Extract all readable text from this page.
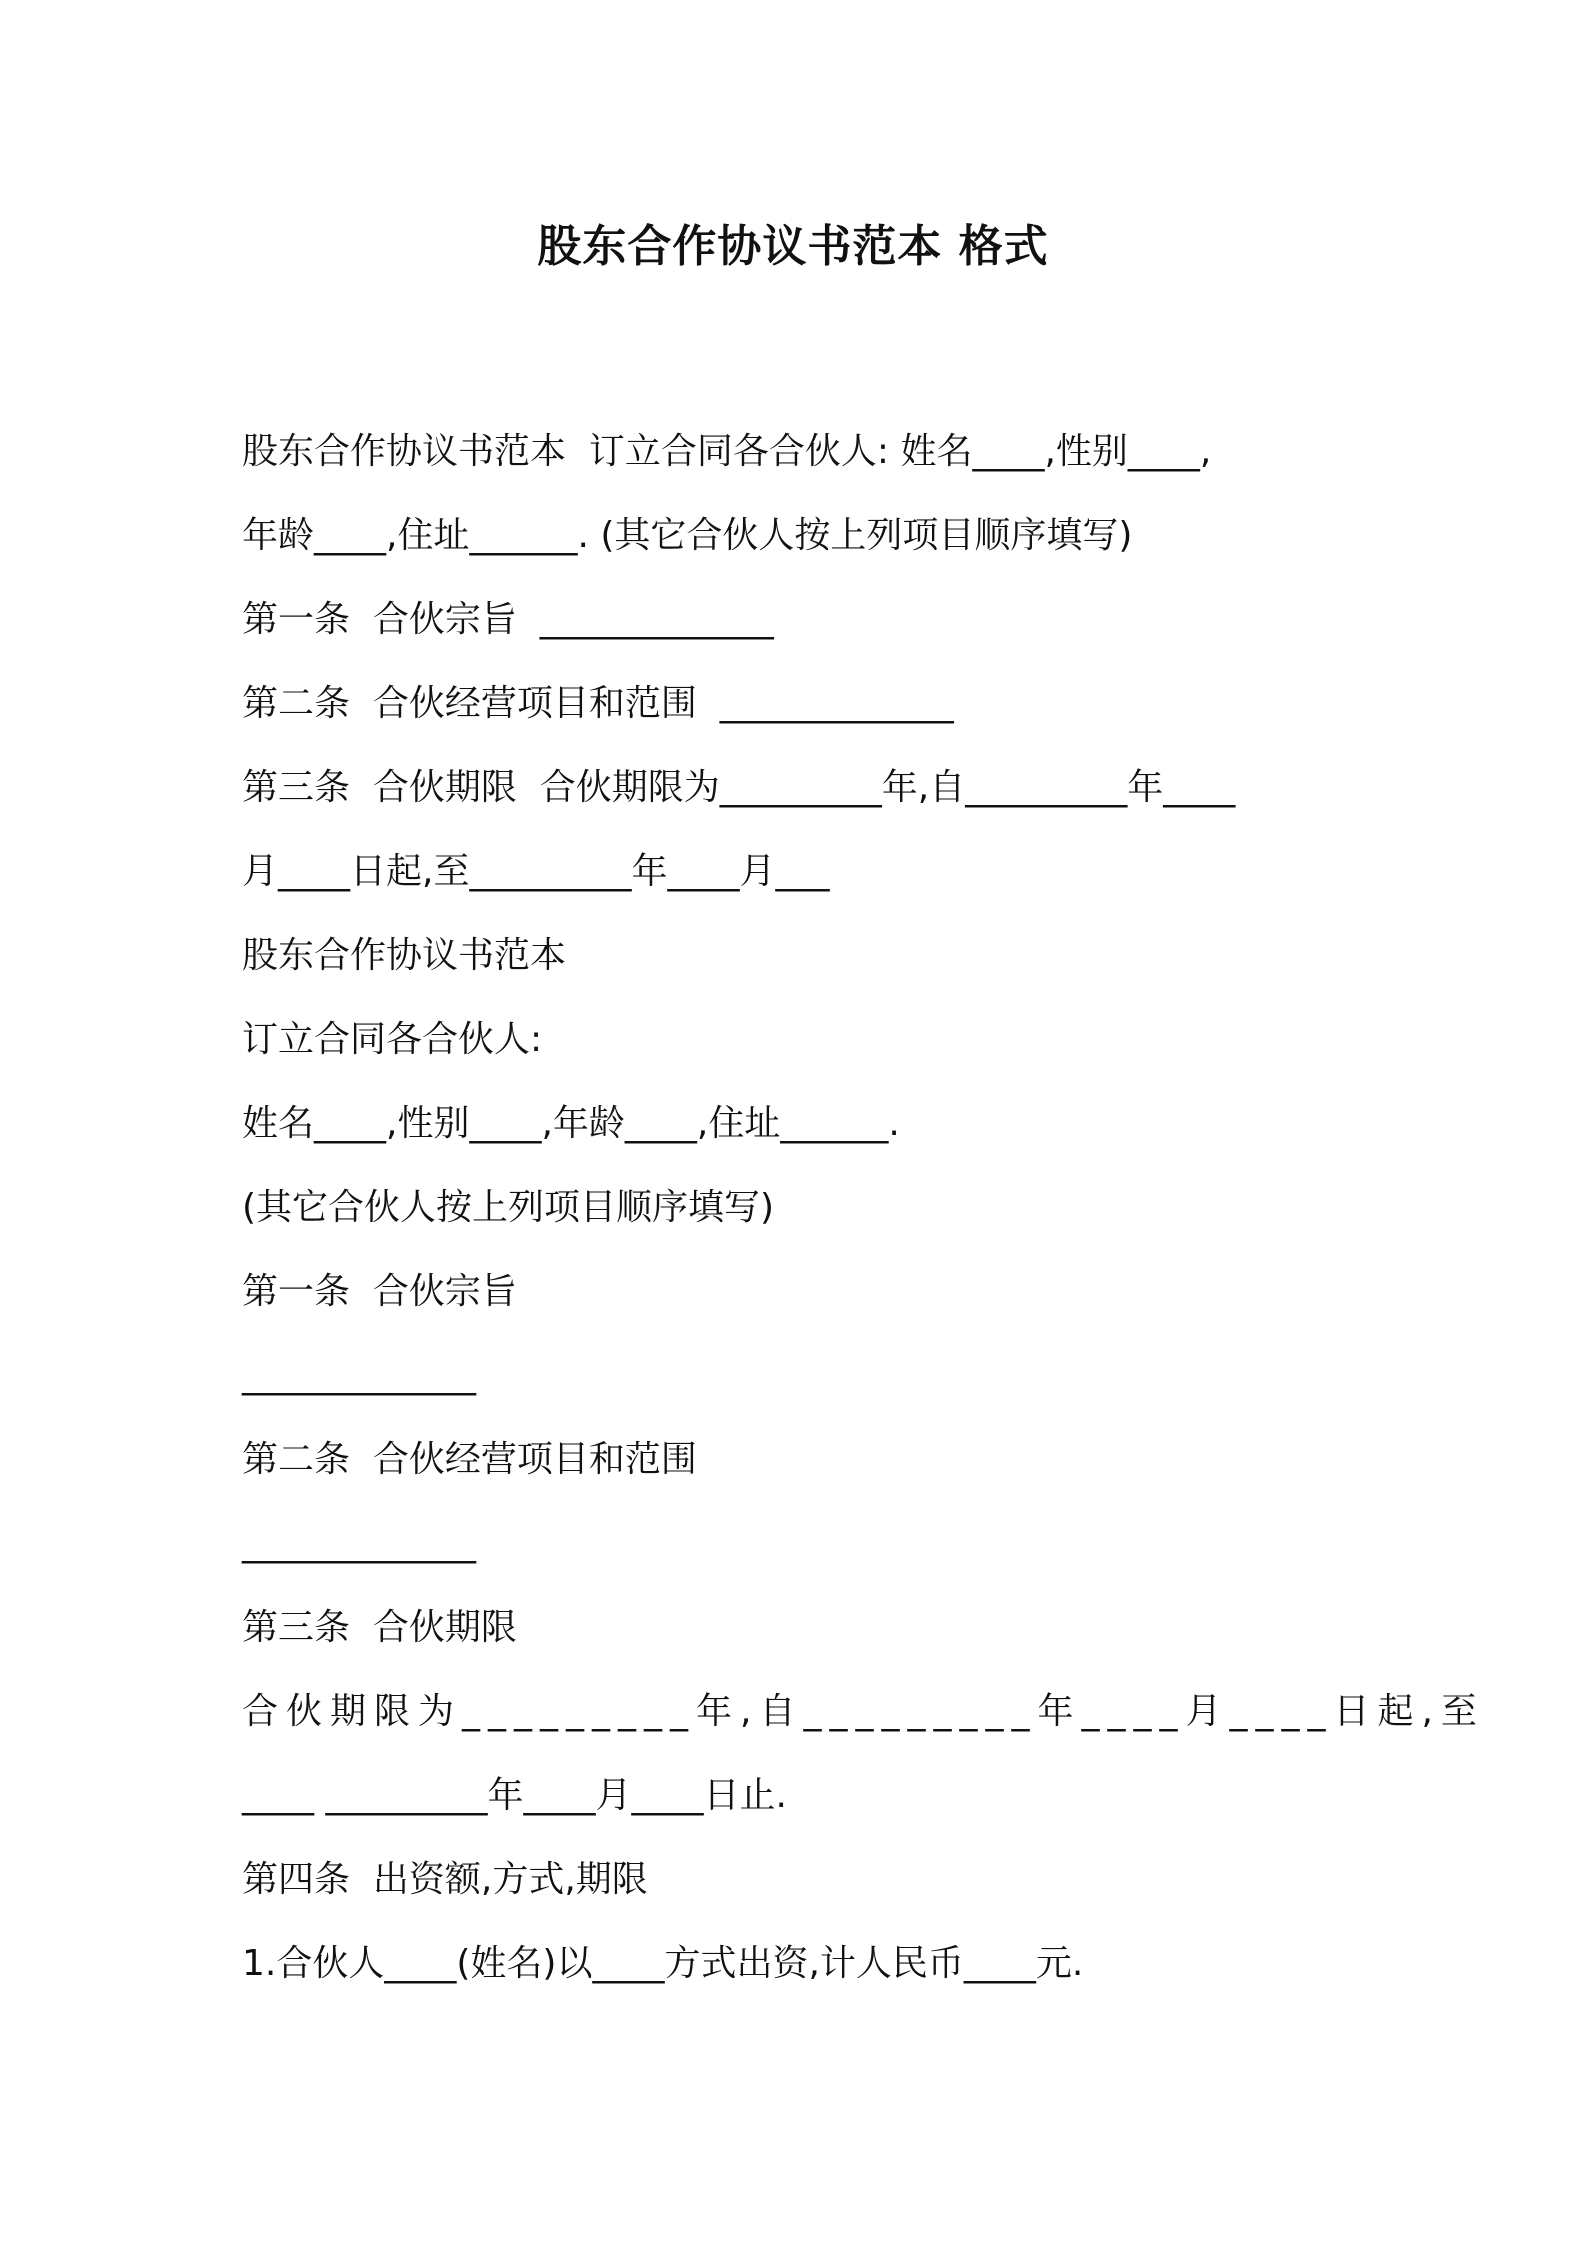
股东合作协议书范本 格式
股东合作协议书范本  订立合同各合伙人: 姓名____,性别____,
年龄____,住址______. (其它合伙人按上列项目顺序填写)
第一条  合伙宗旨  _____________
第二条  合伙经营项目和范围  _____________
第三条  合伙期限  合伙期限为_________年,自_________年____
月____日起,至_________年____月___
股东合作协议书范本
订立合同各合伙人:
姓名____,性别____,年龄____,住址______.
(其它合伙人按上列项目顺序填写)
第一条  合伙宗旨
_____________
第二条  合伙经营项目和范围
_____________
第三条  合伙期限
合伙期限为_________年,自_________年____月____日起,至
____ _________年____月____日止.
第四条  出资额,方式,期限
1.合伙人____(姓名)以____方式出资,计人民币____元.
